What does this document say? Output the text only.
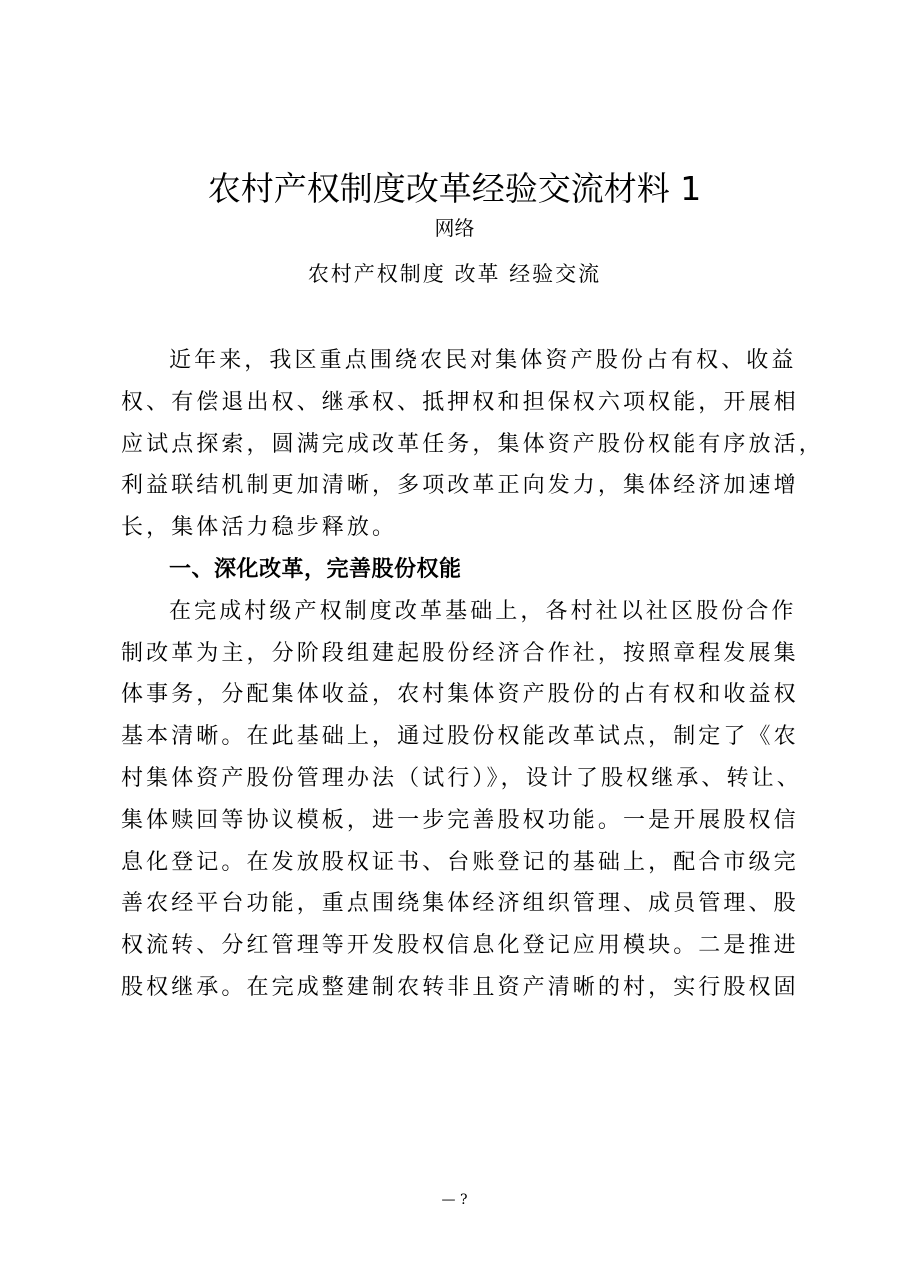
农村产权制度改革经验交流材料 1
网络
农村产权制度 改革 经验交流
近年来，我区重点围绕农民对集体资产股份占有权、收益
权、有偿退出权、继承权、抵押权和担保权六项权能，开展相
应试点探索，圆满完成改革任务，集体资产股份权能有序放活，
利益联结机制更加清晰，多项改革正向发力，集体经济加速增
长，集体活力稳步释放。
一、深化改革，完善股份权能
在完成村级产权制度改革基础上，各村社以社区股份合作
制改革为主，分阶段组建起股份经济合作社，按照章程发展集
体事务，分配集体收益，农村集体资产股份的占有权和收益权
基本清晰。在此基础上，通过股份权能改革试点，制定了《农
村集体资产股份管理办法（试行）》，设计了股权继承、转让、
集体赎回等协议模板，进一步完善股权功能。一是开展股权信
息化登记。在发放股权证书、台账登记的基础上，配合市级完
善农经平台功能，重点围绕集体经济组织管理、成员管理、股
权流转、分红管理等开发股权信息化登记应用模块。二是推进
股权继承。在完成整建制农转非且资产清晰的村，实行股权固
— ?
